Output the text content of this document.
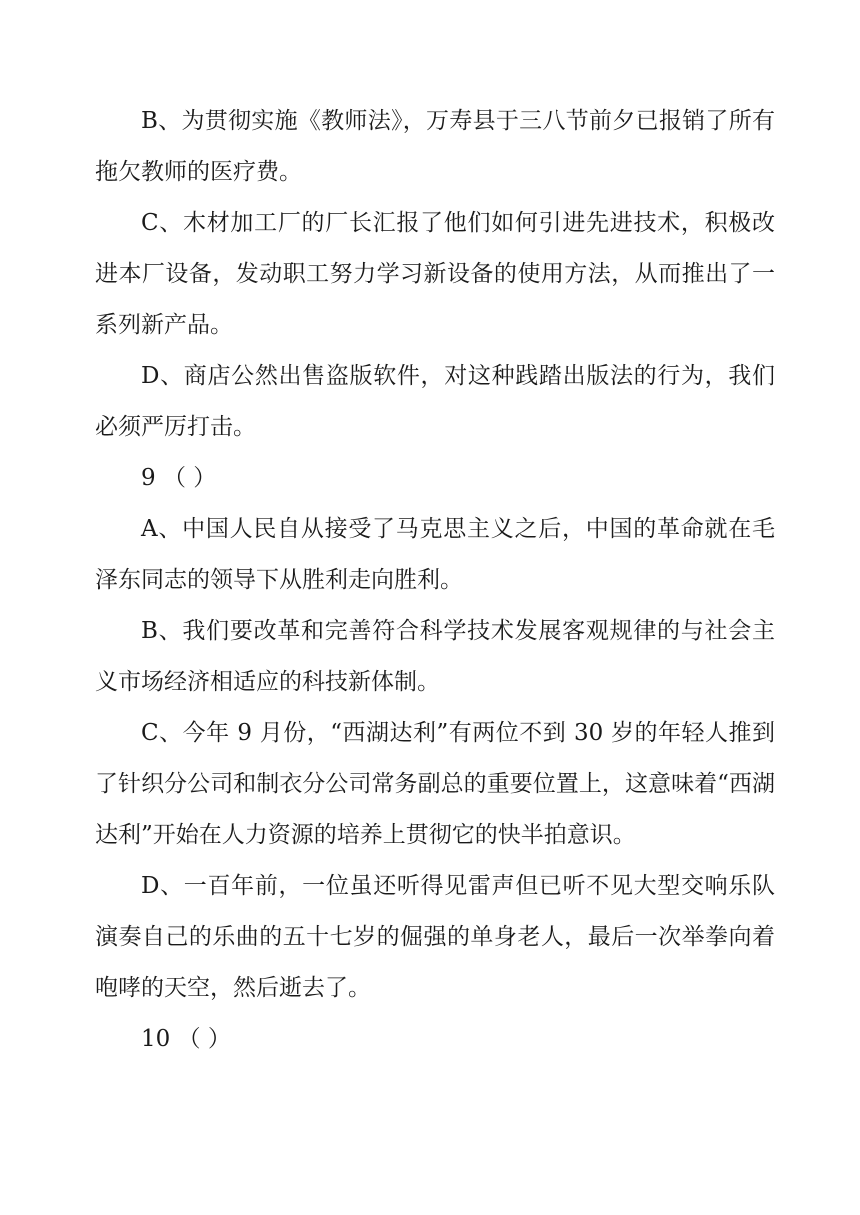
B、为贯彻实施《教师法》，万寿县于三八节前夕已报销了所有拖欠教师的医疗费。

C、木材加工厂的厂长汇报了他们如何引进先进技术，积极改进本厂设备，发动职工努力学习新设备的使用方法，从而推出了一系列新产品。

D、商店公然出售盗版软件，对这种践踏出版法的行为，我们必须严厉打击。

9 （ ）

A、中国人民自从接受了马克思主义之后，中国的革命就在毛泽东同志的领导下从胜利走向胜利。

B、我们要改革和完善符合科学技术发展客观规律的与社会主义市场经济相适应的科技新体制。

C、今年 9 月份，“西湖达利”有两位不到 30 岁的年轻人推到了针织分公司和制衣分公司常务副总的重要位置上，这意味着“西湖达利”开始在人力资源的培养上贯彻它的快半拍意识。

D、一百年前，一位虽还听得见雷声但已听不见大型交响乐队演奏自己的乐曲的五十七岁的倔强的单身老人，最后一次举拳向着咆哮的天空，然后逝去了。

10 （ ）
